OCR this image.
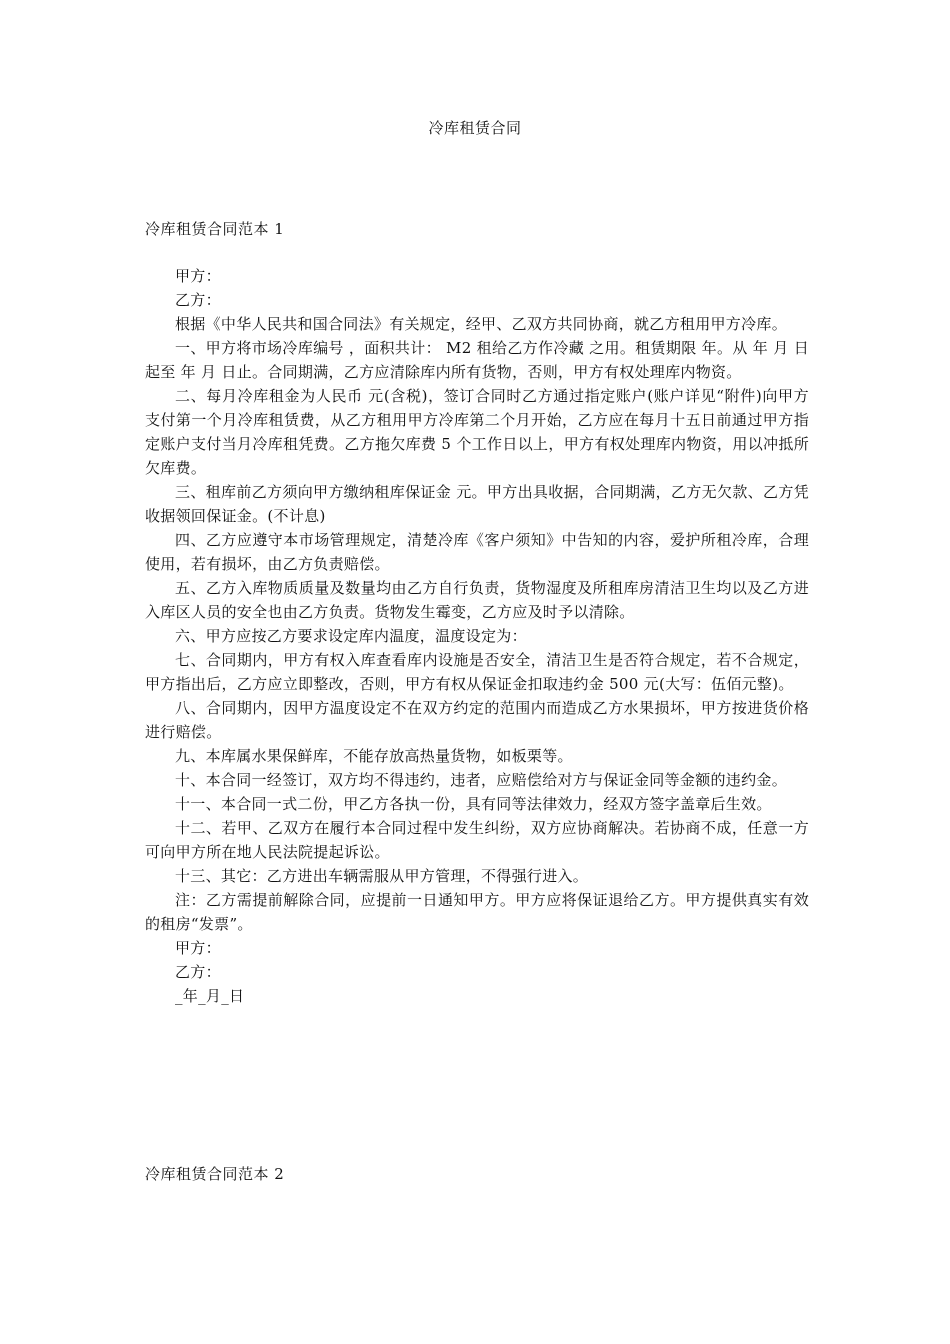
冷库租赁合同
冷库租赁合同范本 1

甲方：

乙方：

根据《中华人民共和国合同法》有关规定，经甲、乙双方共同协商，就乙方租用甲方冷库。

一、甲方将市场冷库编号 ，面积共计： M2 租给乙方作冷藏 之用。租赁期限 年。从 年 月 日起至 年 月 日止。合同期满，乙方应清除库内所有货物，否则，甲方有权处理库内物资。

二、每月冷库租金为人民币 元(含税)，签订合同时乙方通过指定账户(账户详见“附件)向甲方支付第一个月冷库租赁费，从乙方租用甲方冷库第二个月开始，乙方应在每月十五日前通过甲方指定账户支付当月冷库租凭费。乙方拖欠库费 5 个工作日以上，甲方有权处理库内物资，用以冲抵所欠库费。

三、租库前乙方须向甲方缴纳租库保证金 元。甲方出具收据，合同期满，乙方无欠款、乙方凭收据领回保证金。(不计息)

四、乙方应遵守本市场管理规定，清楚冷库《客户须知》中告知的内容，爱护所租冷库，合理使用，若有损坏，由乙方负责赔偿。

五、乙方入库物质质量及数量均由乙方自行负责，货物湿度及所租库房清洁卫生均以及乙方进入库区人员的安全也由乙方负责。货物发生霉变，乙方应及时予以清除。

六、甲方应按乙方要求设定库内温度，温度设定为：

七、合同期内，甲方有权入库查看库内设施是否安全，清洁卫生是否符合规定，若不合规定，甲方指出后，乙方应立即整改，否则，甲方有权从保证金扣取违约金 500 元(大写：伍佰元整)。

八、合同期内，因甲方温度设定不在双方约定的范围内而造成乙方水果损坏，甲方按进货价格进行赔偿。

九、本库属水果保鲜库，不能存放高热量货物，如板栗等。

十、本合同一经签订，双方均不得违约，违者，应赔偿给对方与保证金同等金额的违约金。

十一、本合同一式二份，甲乙方各执一份，具有同等法律效力，经双方签字盖章后生效。

十二、若甲、乙双方在履行本合同过程中发生纠纷，双方应协商解决。若协商不成，任意一方可向甲方所在地人民法院提起诉讼。

十三、其它：乙方进出车辆需服从甲方管理，不得强行进入。

注：乙方需提前解除合同，应提前一日通知甲方。甲方应将保证退给乙方。甲方提供真实有效的租房“发票”。

甲方：

乙方：

_年_月_日

冷库租赁合同范本 2
